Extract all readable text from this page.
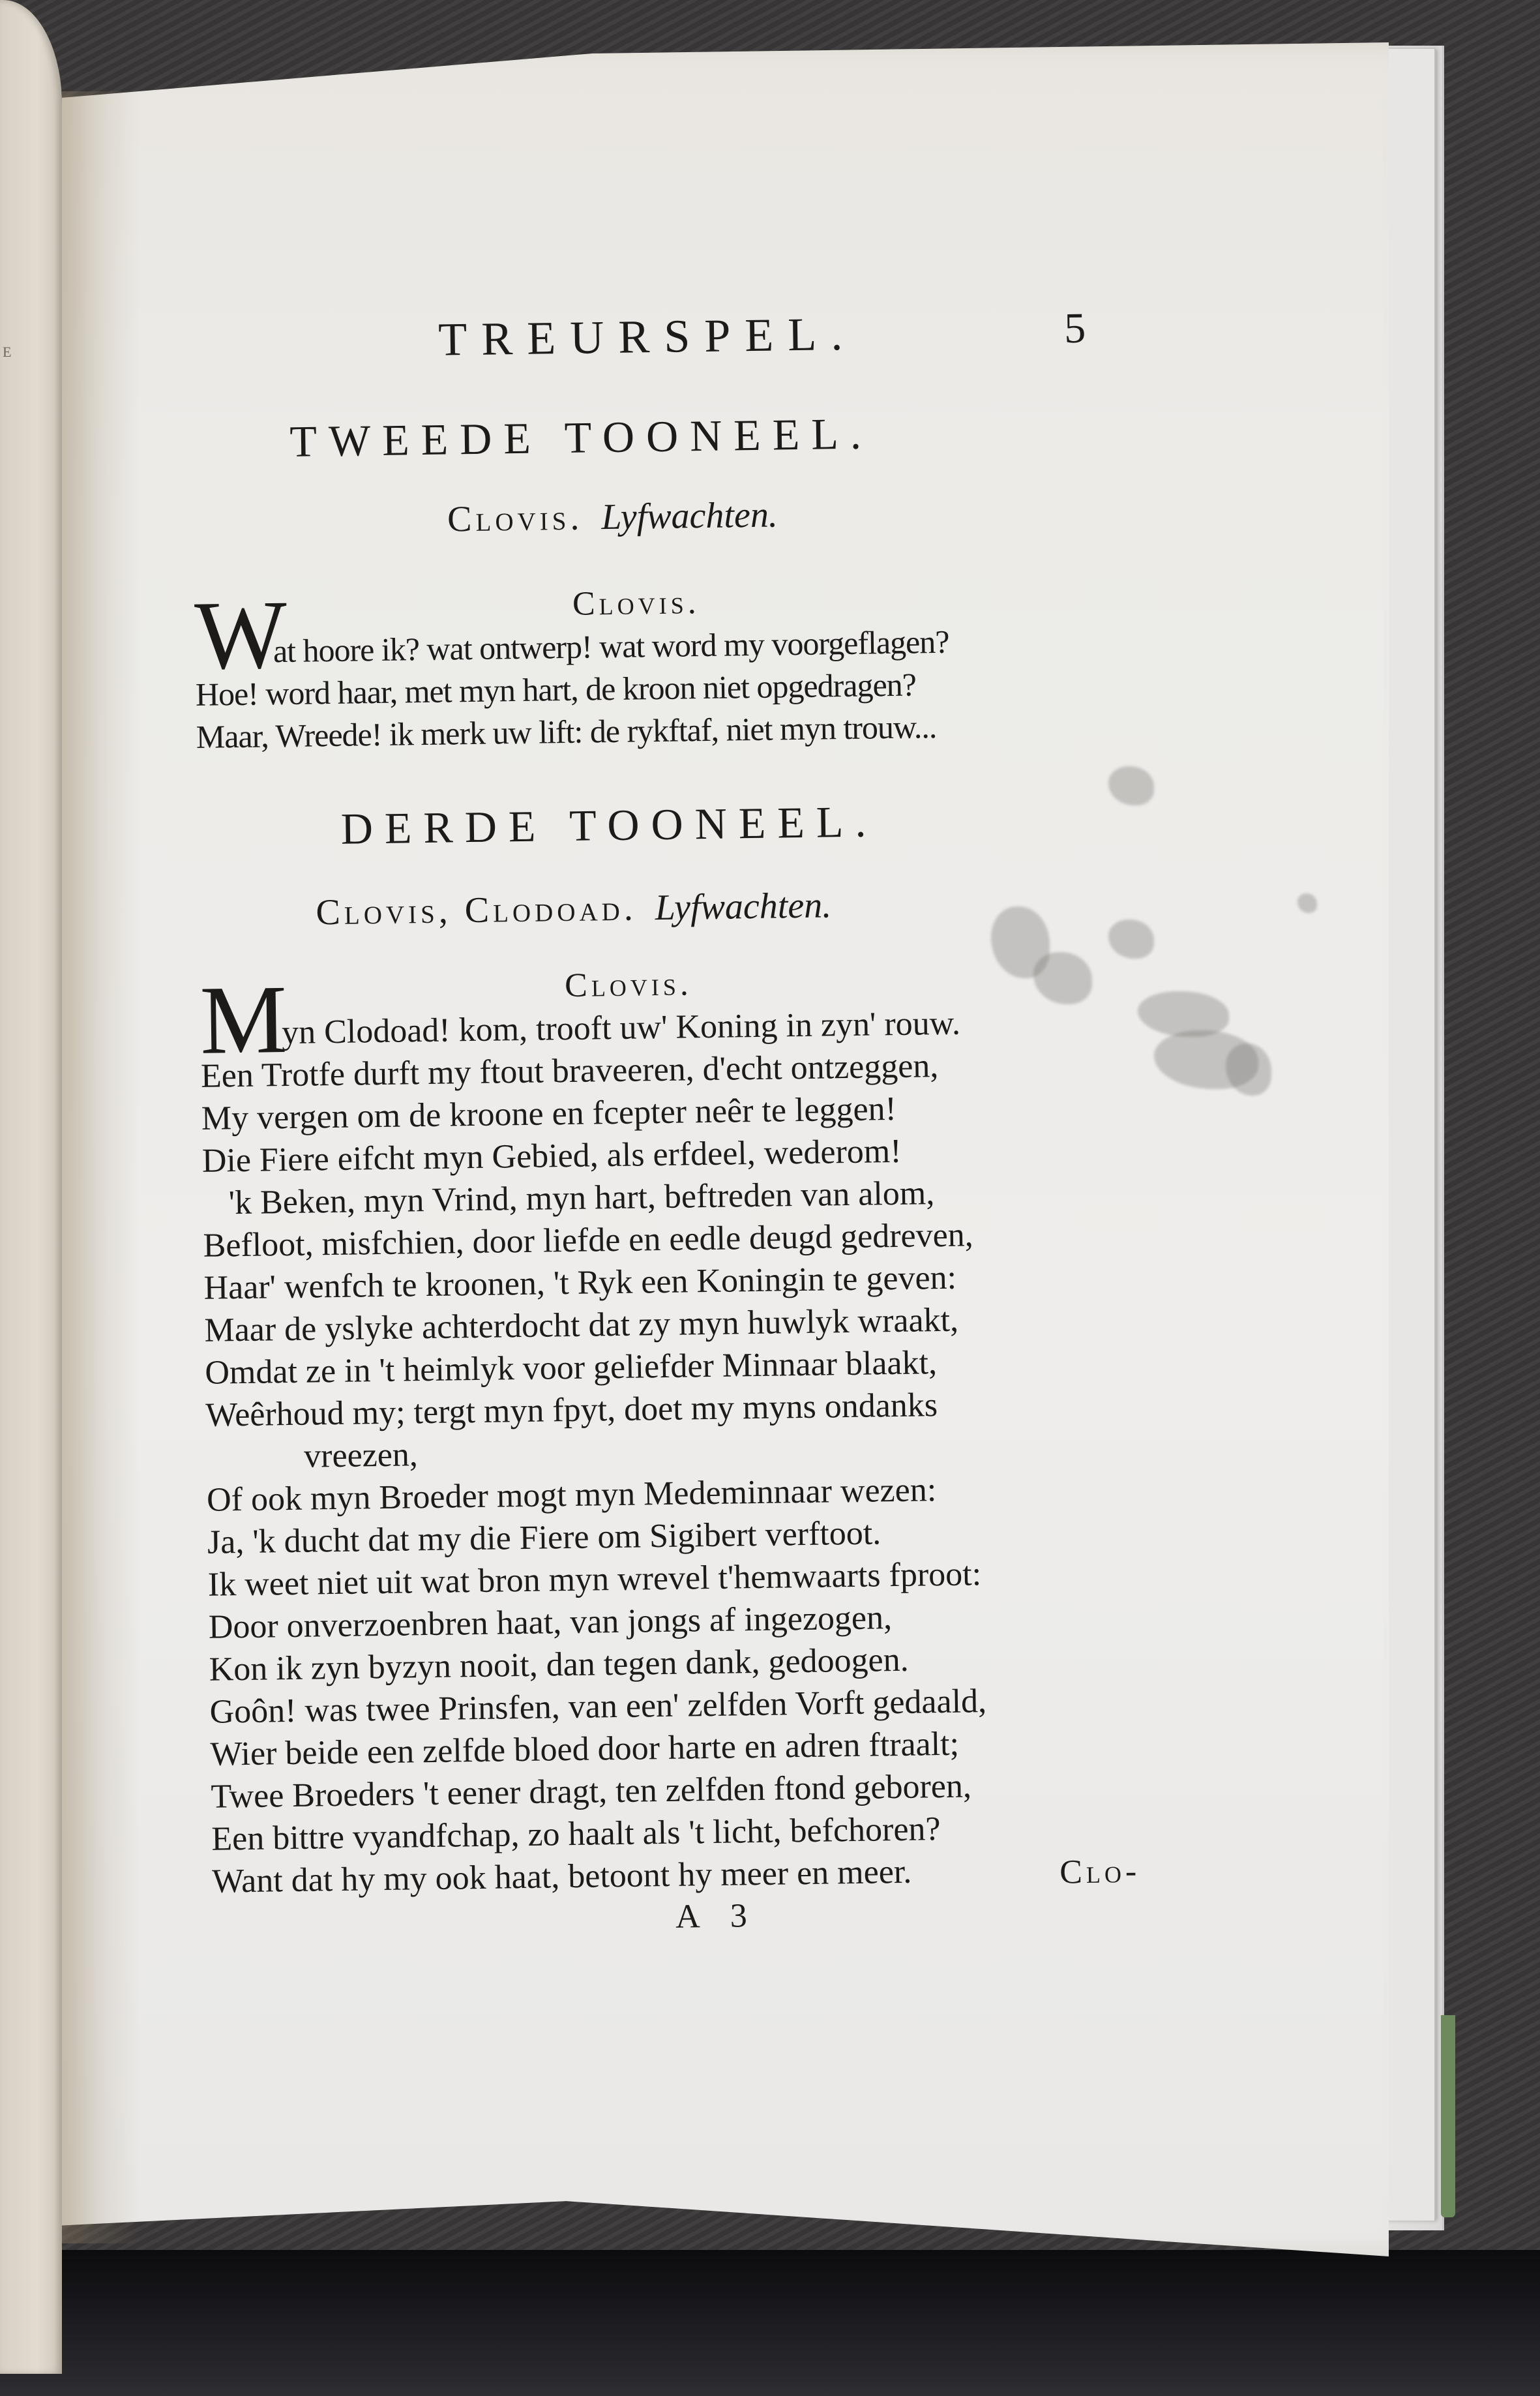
E	TREURSPEL.	5
TWEEDE TOONEEL.
Clovis. Lyfwachten.
Clovis.
W
at hoore ik? wat ontwerp! wat word my voorgeflagen?
Hoe! word haar, met myn hart, de kroon niet opgedragen?
Maar, Wreede! ik merk uw lift: de rykftaf, niet myn trouw...
DERDE TOONEEL.
Clovis, Clodoad. Lyfwachten.
Clovis.
M
yn Clodoad! kom, trooft uw' Koning in zyn' rouw.
Een Trotfe durft my ftout braveeren, d'echt ontzeggen,
My vergen om de kroone en fcepter neêr te leggen!
Die Fiere eifcht myn Gebied, als erfdeel, wederom!
'k Beken, myn Vrind, myn hart, beftreden van alom,
Befloot, misfchien, door liefde en eedle deugd gedreven,
Haar' wenfch te kroonen, 't Ryk een Koningin te geven:
Maar de yslyke achterdocht dat zy myn huwlyk wraakt,
Omdat ze in 't heimlyk voor geliefder Minnaar blaakt,
Weêrhoud my; tergt myn fpyt, doet my myns ondanks
vreezen,
Of ook myn Broeder mogt myn Medeminnaar wezen:
Ja, 'k ducht dat my die Fiere om Sigibert verftoot.
Ik weet niet uit wat bron myn wrevel t'hemwaarts fproot:
Door onverzoenbren haat, van jongs af ingezogen,
Kon ik zyn byzyn nooit, dan tegen dank, gedoogen.
Goôn! was twee Prinsfen, van een' zelfden Vorft gedaald,
Wier beide een zelfde bloed door harte en adren ftraalt;
Twee Broeders 't eener dragt, ten zelfden ftond geboren,
Een bittre vyandfchap, zo haalt als 't licht, befchoren?
Want dat hy my ook haat, betoont hy meer en meer.	Clo-
A 3
